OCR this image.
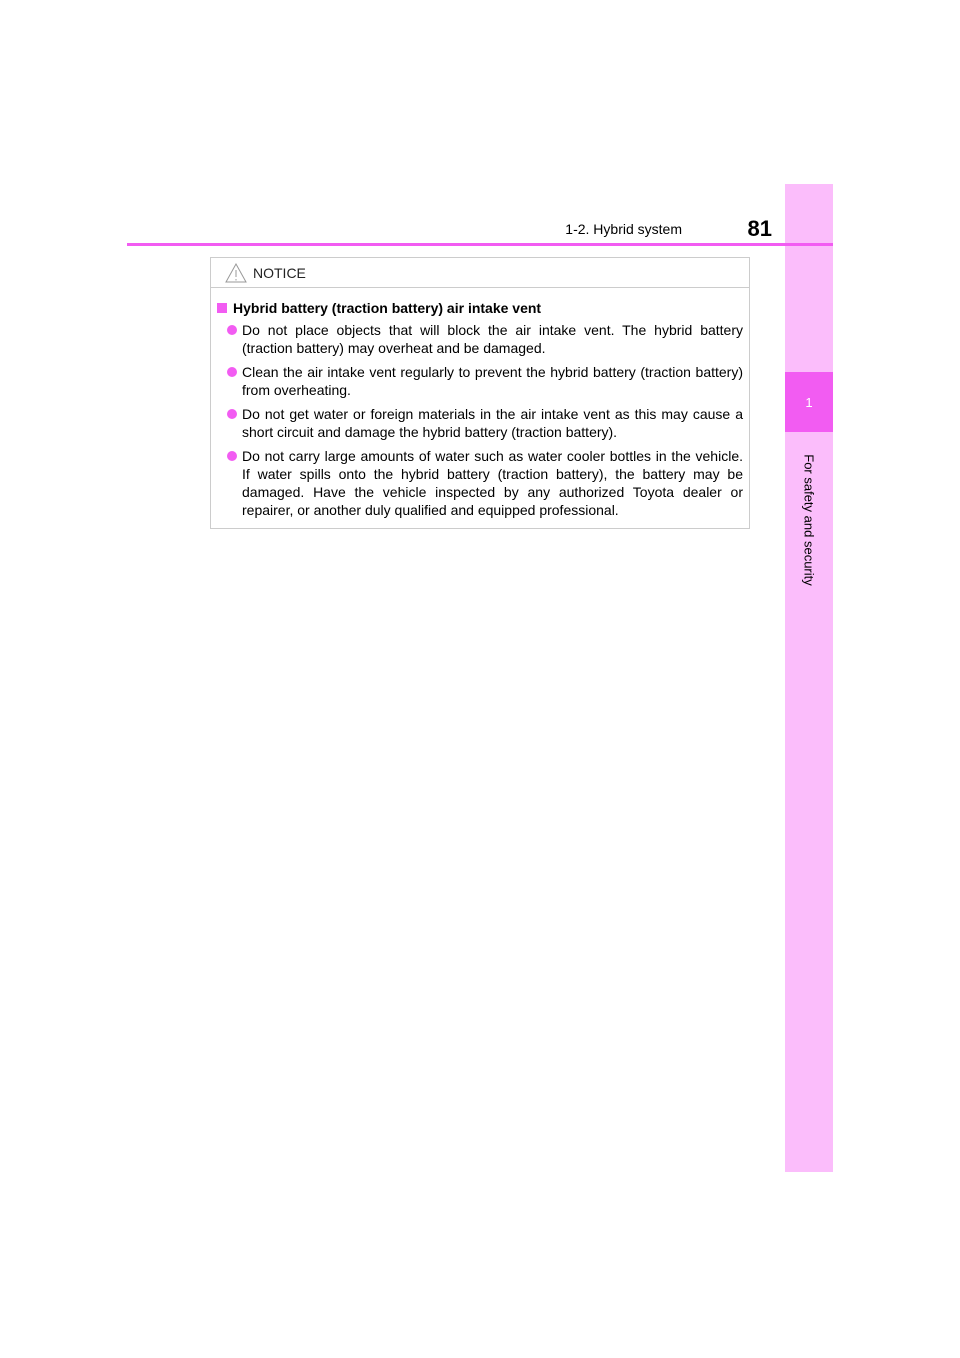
1
For safety and security
1-2. Hybrid system	81
NOTICE
Hybrid battery (traction battery) air intake vent
Do not place objects that will block the air intake vent. The hybrid battery (traction battery) may overheat and be damaged.
Clean the air intake vent regularly to prevent the hybrid battery (traction battery) from overheating.
Do not get water or foreign materials in the air intake vent as this may cause a short circuit and damage the hybrid battery (traction battery).
Do not carry large amounts of water such as water cooler bottles in the vehicle. If water spills onto the hybrid battery (traction battery), the battery may be damaged. Have the vehicle inspected by any authorized Toyota dealer or repairer, or another duly qualified and equipped professional.
